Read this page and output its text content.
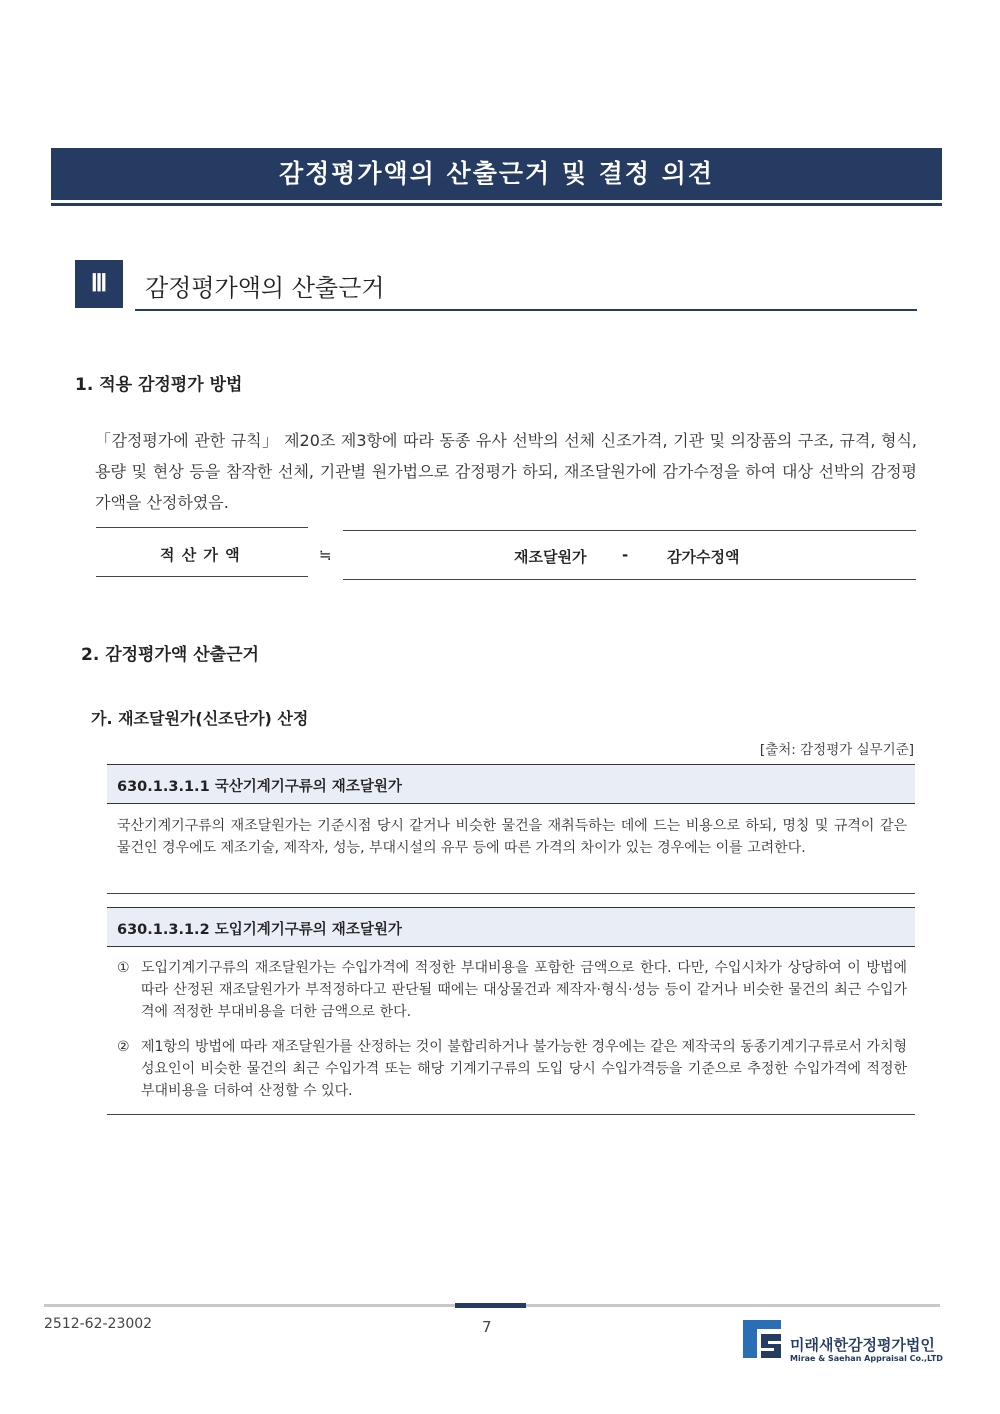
감정평가액의 산출근거 및 결정 의견
Ⅲ	감정평가액의 산출근거
1. 적용 감정평가 방법
「감정평가에 관한 규칙」 제20조 제3항에 따라 동종 유사 선박의 선체 신조가격, 기관 및 의장품의 구조, 규격, 형식, 용량 및 현상 등을 참작한 선체, 기관별 원가법으로 감정평가 하되, 재조달원가에 감가수정을 하여 대상 선박의 감정평가액을 산정하였음.
적 산 가 액	≒	재조달원가 -	감가수정액
2. 감정평가액 산출근거
가. 재조달원가(신조단가) 산정
[출처: 감정평가 실무기준]
630.1.3.1.1 국산기계기구류의 재조달원가
국산기계기구류의 재조달원가는 기준시점 당시 같거나 비슷한 물건을 재취득하는 데에 드는 비용으로 하되, 명칭 및 규격이 같은 물건인 경우에도 제조기술, 제작자, 성능, 부대시설의 유무 등에 따른 가격의 차이가 있는 경우에는 이를 고려한다.
630.1.3.1.2 도입기계기구류의 재조달원가
① 도입기계기구류의 재조달원가는 수입가격에 적정한 부대비용을 포함한 금액으로 한다. 다만, 수입시차가 상당하여 이 방법에 따라 산정된 재조달원가가 부적정하다고 판단될 때에는 대상물건과 제작자·형식·성능 등이 같거나 비슷한 물건의 최근 수입가격에 적정한 부대비용을 더한 금액으로 한다.
② 제1항의 방법에 따라 재조달원가를 산정하는 것이 불합리하거나 불가능한 경우에는 같은 제작국의 동종기계기구류로서 가치형성요인이 비슷한 물건의 최근 수입가격 또는 해당 기계기구류의 도입 당시 수입가격등을 기준으로 추정한 수입가격에 적정한 부대비용을 더하여 산정할 수 있다.
2512-62-23002	7
미래새한감정평가법인
Mirae & Saehan Appraisal Co.,LTD
